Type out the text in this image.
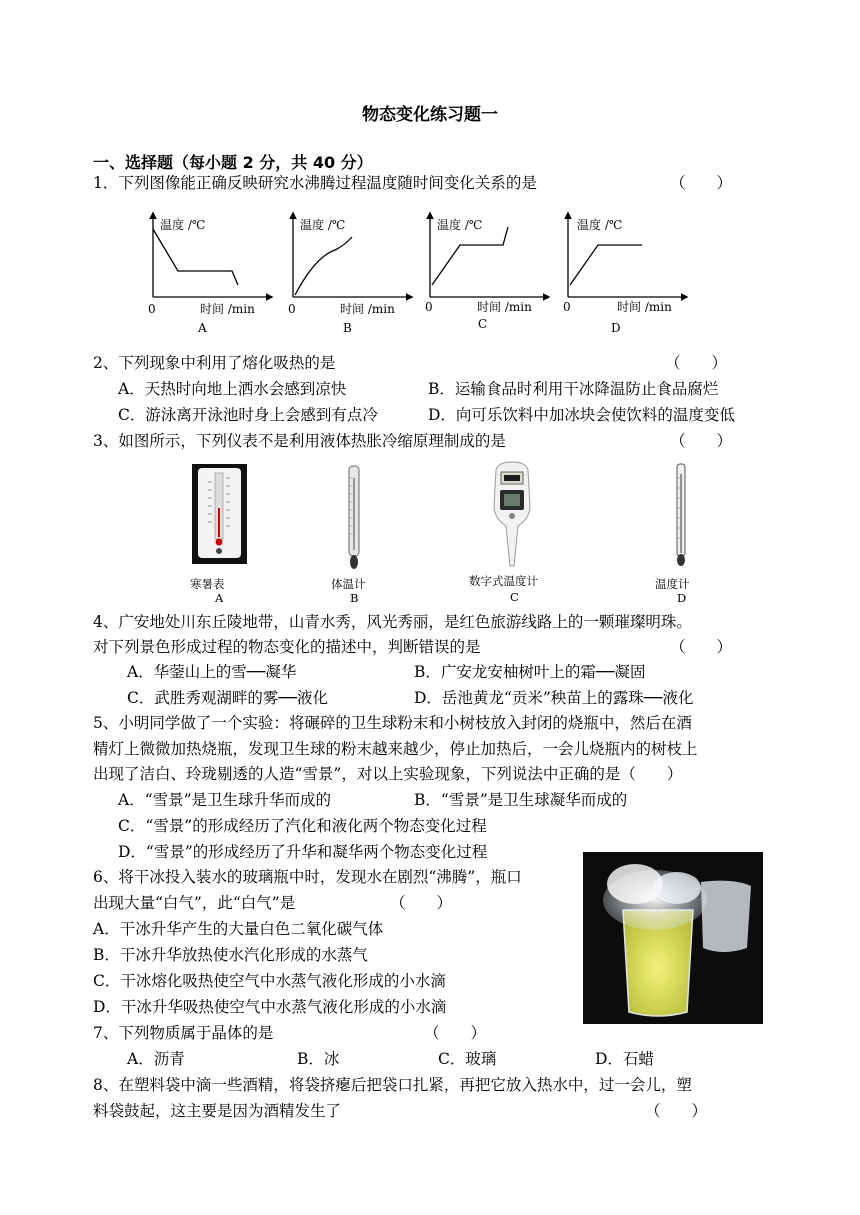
物态变化练习题一
一、选择题（每小题 2 分，共 40 分）
1．下列图像能正确反映研究水沸腾过程温度随时间变化关系的是	（　　）
温度 /℃
时间 /min
0
A
温度 /℃
时间 /min
0
B
温度 /℃
时间 /min
0
C
温度 /℃
时间 /min
0
D
2、下列现象中利用了熔化吸热的是	（　　）
A．天热时向地上洒水会感到凉快	B．运输食品时利用干冰降温防止食品腐烂
C．游泳离开泳池时身上会感到有点冷	D．向可乐饮料中加冰块会使饮料的温度变低
3、如图所示，下列仪表不是利用液体热胀冷缩原理制成的是	（　　）
寒暑表	体温计	数字式温度计	温度计
A	B	C	D
4、广安地处川东丘陵地带，山青水秀，风光秀丽，是红色旅游线路上的一颗璀璨明珠。
对下列景色形成过程的物态变化的描述中，判断错误的是	（　　）
A．华蓥山上的雪──凝华	B．广安龙安柚树叶上的霜──凝固
C．武胜秀观湖畔的雾──液化	D．岳池黄龙“贡米”秧苗上的露珠──液化
5、小明同学做了一个实验：将碾碎的卫生球粉末和小树枝放入封闭的烧瓶中，然后在酒
精灯上微微加热烧瓶，发现卫生球的粉末越来越少，停止加热后，一会儿烧瓶内的树枝上
出现了洁白、玲珑剔透的人造“雪景”，对以上实验现象，下列说法中正确的是（　　）
A．“雪景”是卫生球升华而成的	B．“雪景”是卫生球凝华而成的
C．“雪景”的形成经历了汽化和液化两个物态变化过程
D．“雪景”的形成经历了升华和凝华两个物态变化过程
6、将干冰投入装水的玻璃瓶中时，发现水在剧烈“沸腾”，瓶口
出现大量“白气”，此“白气”是	（　　）
A．干冰升华产生的大量白色二氧化碳气体
B．干冰升华放热使水汽化形成的水蒸气
C．干冰熔化吸热使空气中水蒸气液化形成的小水滴
D．干冰升华吸热使空气中水蒸气液化形成的小水滴
7、下列物质属于晶体的是	（　　）
A．沥青	B．冰	C．玻璃	D．石蜡
8、在塑料袋中滴一些酒精，将袋挤瘪后把袋口扎紧，再把它放入热水中，过一会儿，塑
料袋鼓起，这主要是因为酒精发生了	（　　）
